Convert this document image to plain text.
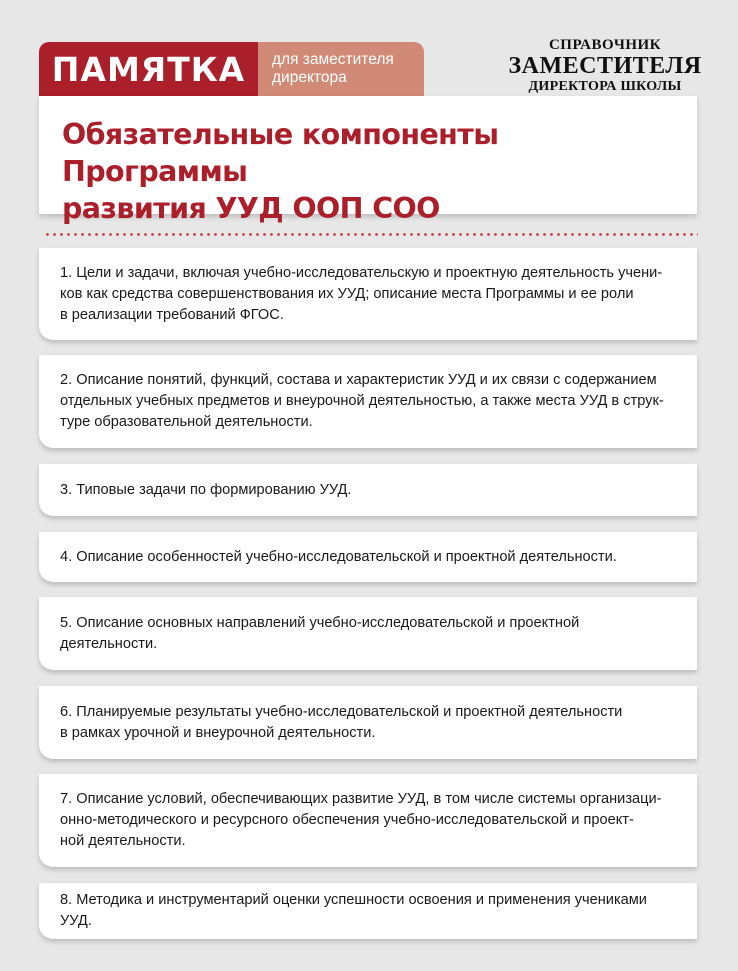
ПАМЯТКА	для заместителя
директора
СПРАВОЧНИК
ЗАМЕСТИТЕЛЯ
ДИРЕКТОРА ШКОЛЫ
Обязательные компоненты Программы
развития УУД ООП СОО

1. Цели и задачи, включая учебно-исследовательскую и проектную деятельность учени-
ков как средства совершенствования их УУД; описание места Программы и ее роли
в реализации требований ФГОС.

2. Описание понятий, функций, состава и характеристик УУД и их связи с содержанием
отдельных учебных предметов и внеурочной деятельностью, а также места УУД в струк-
туре образовательной деятельности.

3. Типовые задачи по формированию УУД.

4. Описание особенностей учебно-исследовательской и проектной деятельности.

5. Описание основных направлений учебно-исследовательской и проектной
деятельности.

6. Планируемые результаты учебно-исследовательской и проектной деятельности
в рамках урочной и внеурочной деятельности.

7. Описание условий, обеспечивающих развитие УУД, в том числе системы организаци-
онно-методического и ресурсного обеспечения учебно-исследовательской и проект-
ной деятельности.

8. Методика и инструментарий оценки успешности освоения и применения учениками УУД.
